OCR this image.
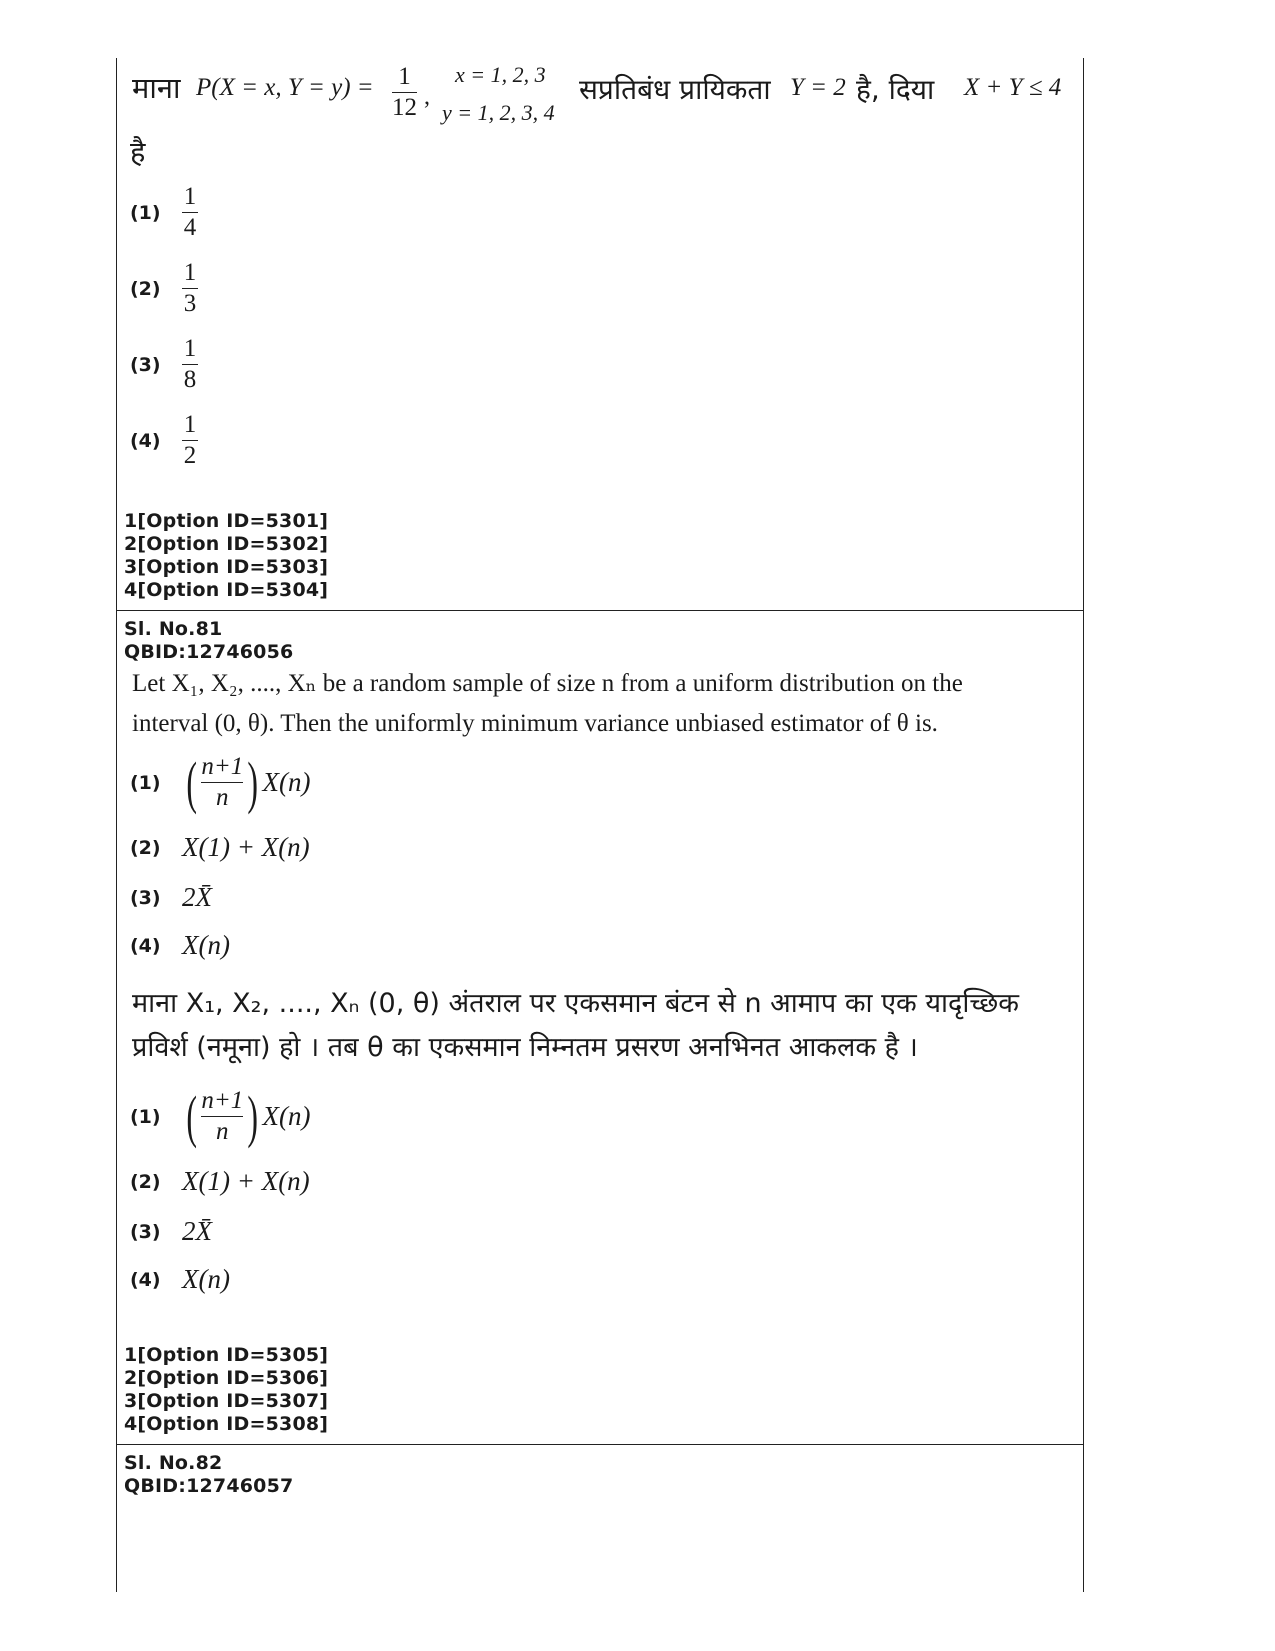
माना P(X = x, Y = y) = 1
12 ,
x = 1, 2, 3
y = 1, 2, 3, 4
सप्रतिबंध प्रायिकता Y = 2 है, दिया X + Y ≤ 4
है
$(1) \frac{1}{4}$
$(2) \frac{1}{3}$
$(3) \frac{1}{8}$
$(4) \frac{1}{2}$
1[Option ID=5301]
2[Option ID=5302]
3[Option ID=5303]
4[Option ID=5304]
Sl. No.81
QBID:12746056
Let X₁, X₂, ...., Xₙ be a random sample of size n from a uniform distribution on the
interval (0, θ). Then the uniformly minimum variance unbiased estimator of θ is.
(1) ( $\frac{n+1}{n}$ ) X(n)
(2) X(1) + X(n)
(3) 2X̄
(4) X(n)
माना X₁, X₂, ...., Xₙ (0, θ) अंतराल पर एकसमान बंटन से n आमाप का एक यादृच्छिक
प्रविर्श (नमूना) हो । तब θ का एकसमान निम्नतम प्रसरण अनभिनत आकलक है ।
(1) ( $\frac{n+1}{n}$ ) X(n)
(2) X(1) + X(n)
(3) 2X̄
(4) X(n)
1[Option ID=5305]
2[Option ID=5306]
3[Option ID=5307]
4[Option ID=5308]
Sl. No.82
QBID:12746057
